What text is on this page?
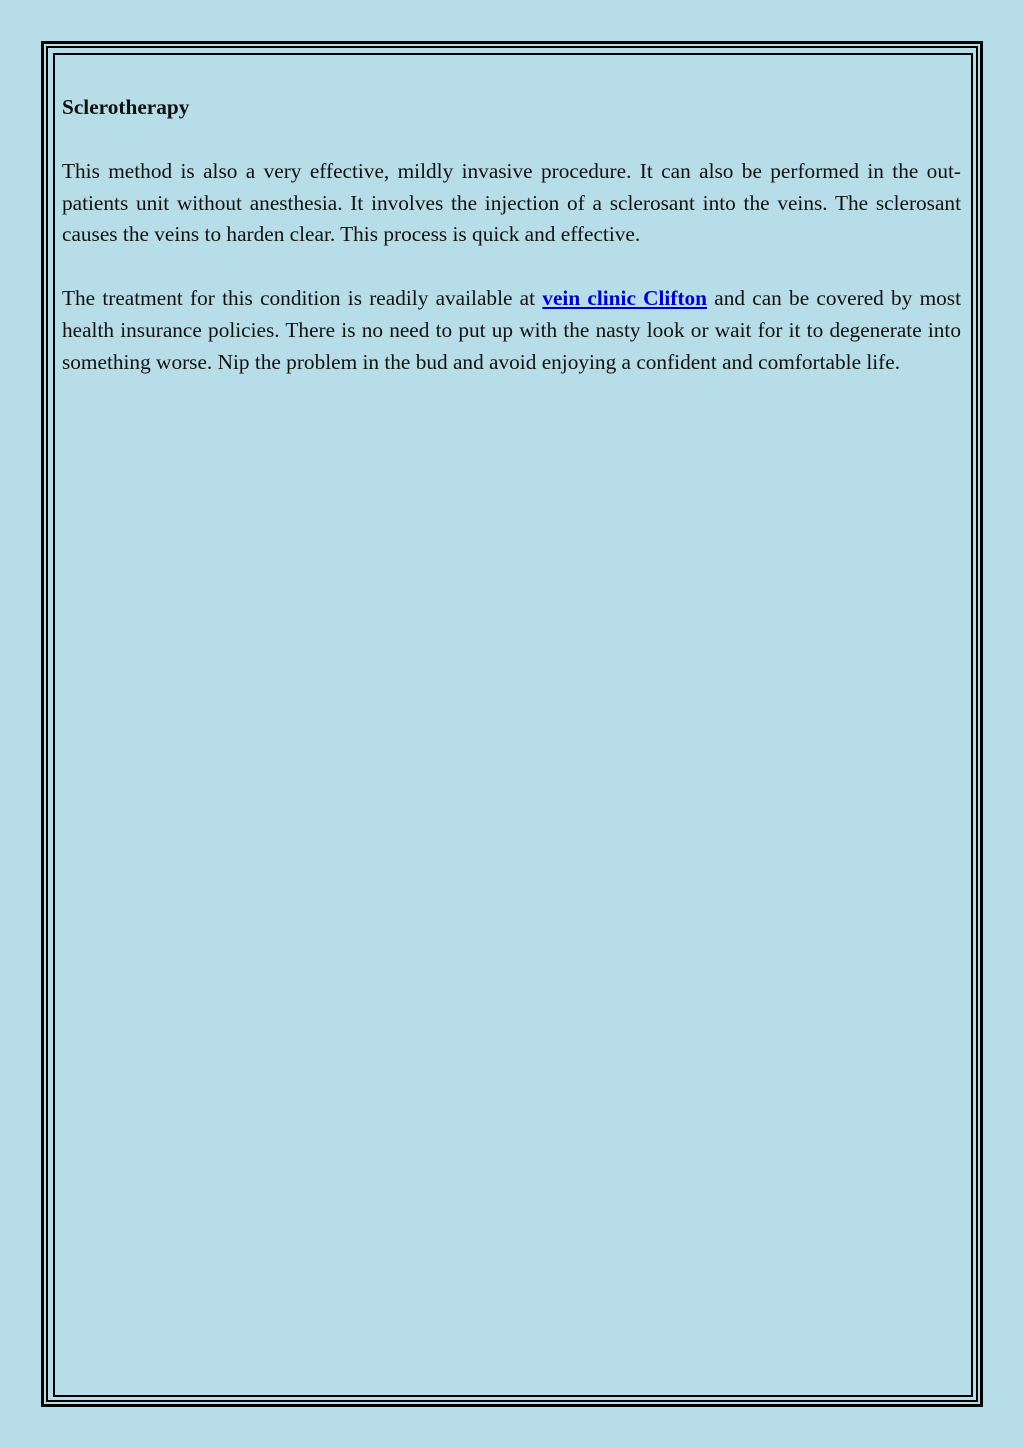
Sclerotherapy

This method is also a very effective, mildly invasive procedure. It can also be performed in the out-patients unit without anesthesia. It involves the injection of a sclerosant into the veins. The sclerosant causes the veins to harden clear. This process is quick and effective.

The treatment for this condition is readily available at vein clinic Clifton and can be covered by most health insurance policies. There is no need to put up with the nasty look or wait for it to degenerate into something worse. Nip the problem in the bud and avoid enjoying a confident and comfortable life.
